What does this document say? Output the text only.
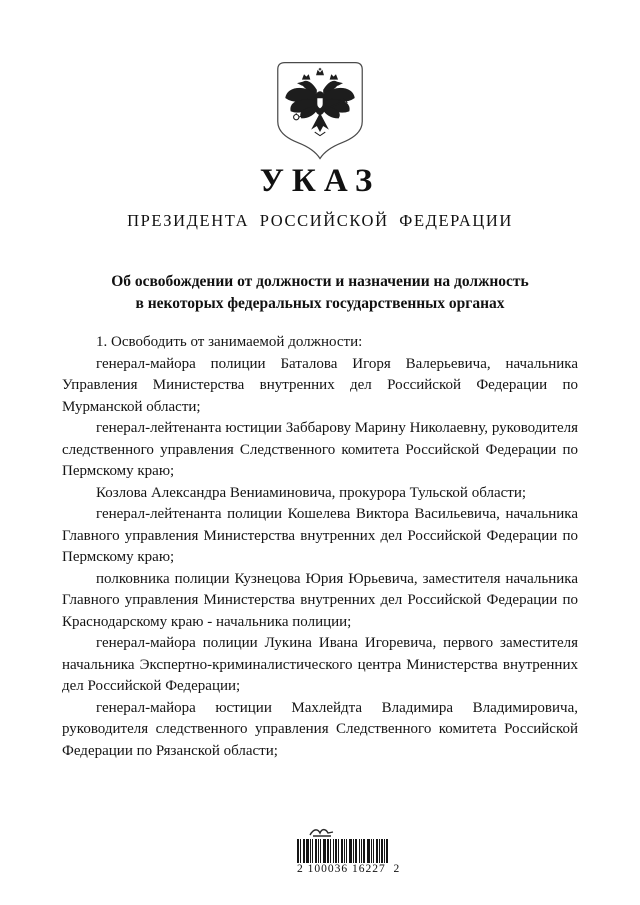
УКАЗ
ПРЕЗИДЕНТА РОССИЙСКОЙ ФЕДЕРАЦИИ
Об освобождении от должности и назначении на должность
в некоторых федеральных государственных органах

1. Освободить от занимаемой должности:

генерал-майора полиции Баталова Игоря Валерьевича, начальника Управления Министерства внутренних дел Российской Федерации по Мурманской области;

генерал-лейтенанта юстиции Заббарову Марину Николаевну, руководителя следственного управления Следственного комитета Российской Федерации по Пермскому краю;

Козлова Александра Вениаминовича, прокурора Тульской области;

генерал-лейтенанта полиции Кошелева Виктора Васильевича, начальника Главного управления Министерства внутренних дел Российской Федерации по Пермскому краю;

полковника полиции Кузнецова Юрия Юрьевича, заместителя начальника Главного управления Министерства внутренних дел Российской Федерации по Краснодарскому краю - начальника полиции;

генерал-майора полиции Лукина Ивана Игоревича, первого заместителя начальника Экспертно-криминалистического центра Министерства внутренних дел Российской Федерации;

генерал-майора юстиции Махлейдта Владимира Владимировича, руководителя следственного управления Следственного комитета Российской Федерации по Рязанской области;

2 100036 16227  2
